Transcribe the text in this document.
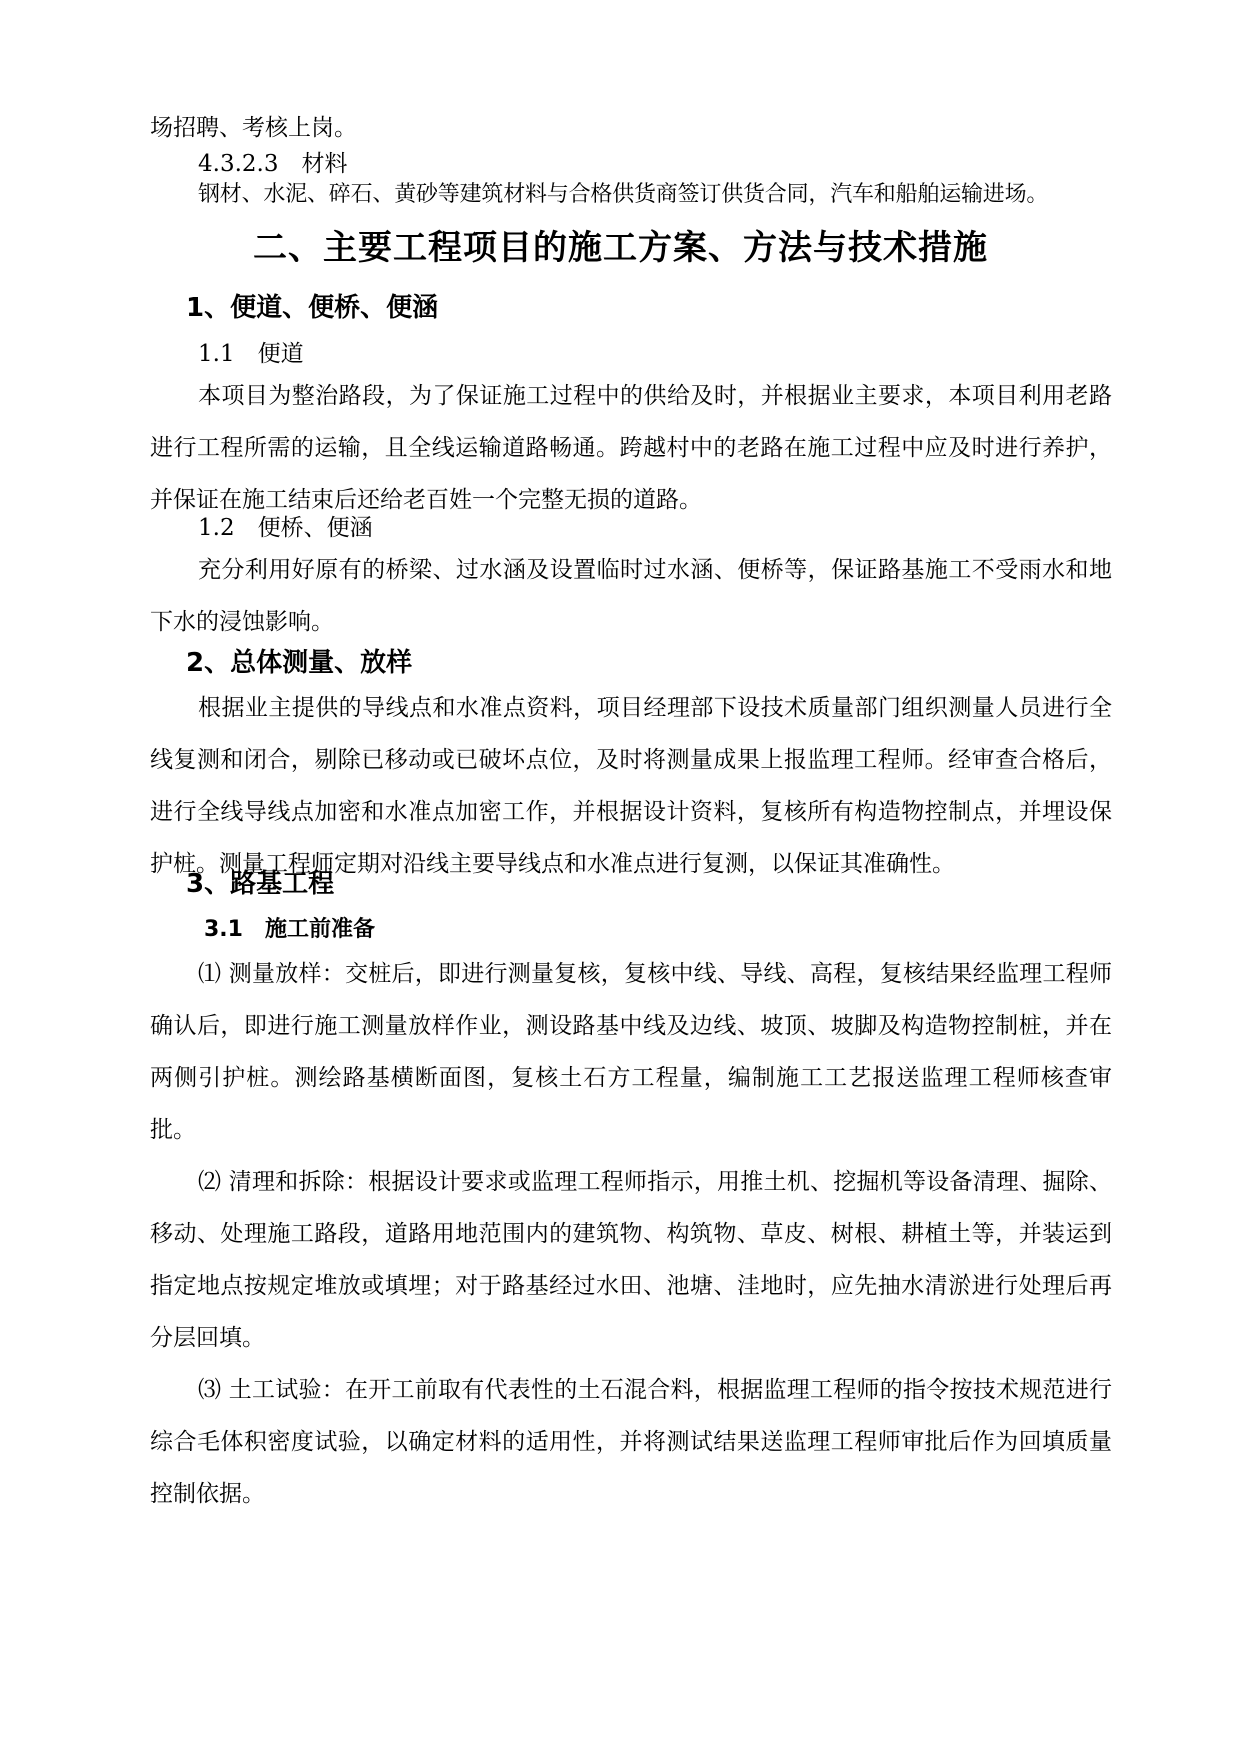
场招聘、考核上岗。
4.3.2.3　材料
钢材、水泥、碎石、黄砂等建筑材料与合格供货商签订供货合同，汽车和船舶运输进场。
二、主要工程项目的施工方案、方法与技术措施
1、便道、便桥、便涵
1.1　便道
本项目为整治路段，为了保证施工过程中的供给及时，并根据业主要求，本项目利用老路进行工程所需的运输，且全线运输道路畅通。跨越村中的老路在施工过程中应及时进行养护，并保证在施工结束后还给老百姓一个完整无损的道路。
1.2　便桥、便涵
充分利用好原有的桥梁、过水涵及设置临时过水涵、便桥等，保证路基施工不受雨水和地下水的浸蚀影响。
2、总体测量、放样
根据业主提供的导线点和水准点资料，项目经理部下设技术质量部门组织测量人员进行全线复测和闭合，剔除已移动或已破坏点位，及时将测量成果上报监理工程师。经审查合格后，进行全线导线点加密和水准点加密工作，并根据设计资料，复核所有构造物控制点，并埋设保护桩。测量工程师定期对沿线主要导线点和水准点进行复测，以保证其准确性。
3、路基工程
3.1　施工前准备
⑴ 测量放样：交桩后，即进行测量复核，复核中线、导线、高程，复核结果经监理工程师确认后，即进行施工测量放样作业，测设路基中线及边线、坡顶、坡脚及构造物控制桩，并在两侧引护桩。测绘路基横断面图，复核土石方工程量，编制施工工艺报送监理工程师核查审批。
⑵ 清理和拆除：根据设计要求或监理工程师指示，用推土机、挖掘机等设备清理、掘除、移动、处理施工路段，道路用地范围内的建筑物、构筑物、草皮、树根、耕植土等，并装运到指定地点按规定堆放或填埋；对于路基经过水田、池塘、洼地时，应先抽水清淤进行处理后再分层回填。
⑶ 土工试验：在开工前取有代表性的土石混合料，根据监理工程师的指令按技术规范进行综合毛体积密度试验，以确定材料的适用性，并将测试结果送监理工程师审批后作为回填质量控制依据。
